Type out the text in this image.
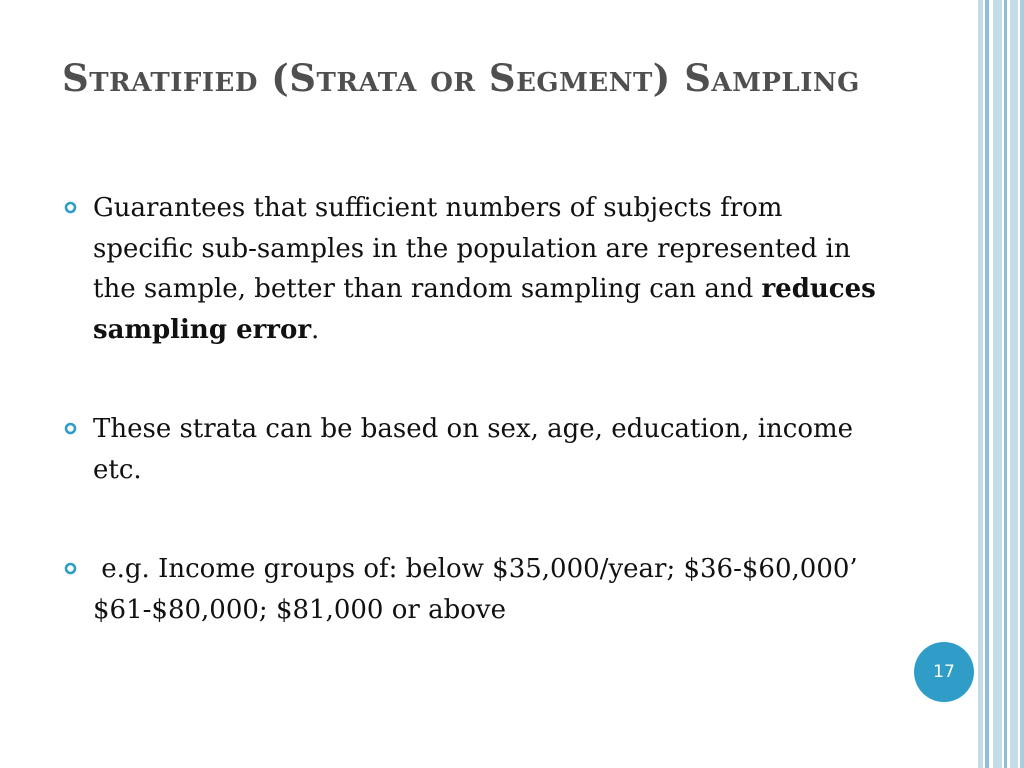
Stratified (Strata or Segment) Sampling
Guarantees that sufficient numbers of subjects from specific sub-samples in the population are represented in the sample, better than random sampling can and reduces sampling error.
These strata can be based on sex, age, education, income etc.
e.g. Income groups of: below $35,000/year; $36-$60,000’ $61-$80,000; $81,000 or above
17
